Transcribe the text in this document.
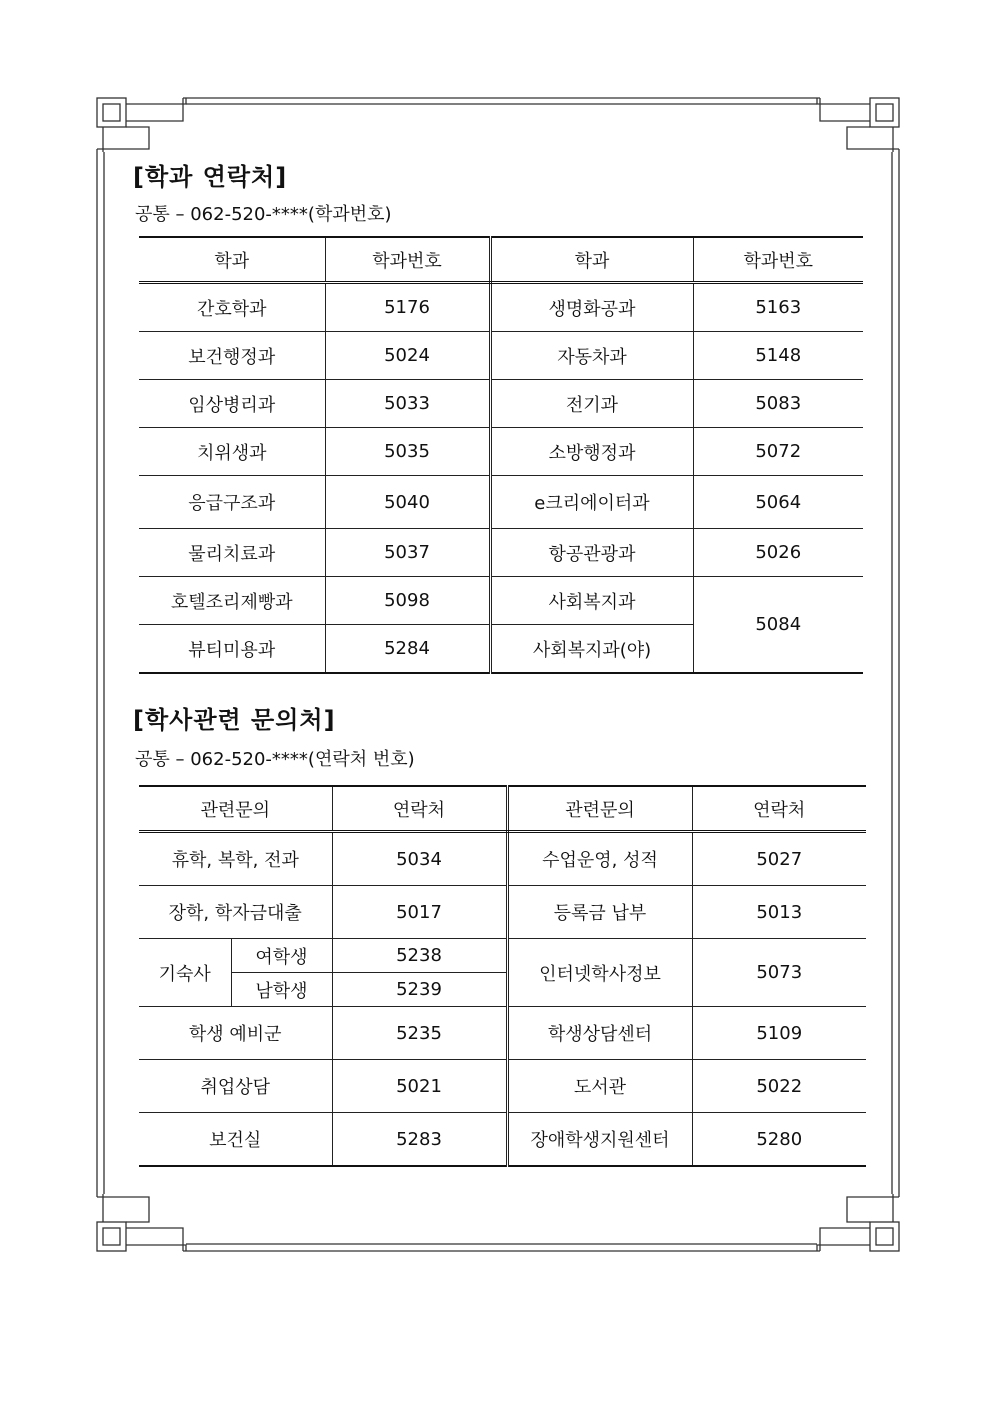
[학과 연락처]

공통 – 062-520-****(학과번호)

학과	학과번호	학과	학과번호
간호학과	5176	생명화공과	5163
보건행정과	5024	자동차과	5148
임상병리과	5033	전기과	5083
치위생과	5035	소방행정과	5072
응급구조과	5040	e크리에이터과	5064
물리치료과	5037	항공관광과	5026
호텔조리제빵과	5098	사회복지과	5084
뷰티미용과	5284	사회복지과(야)	
[학사관련 문의처]

공통 – 062-520-****(연락처 번호)

관련문의		연락처	관련문의	연락처
휴학, 복학, 전과		5034	수업운영, 성적	5027
장학, 학자금대출		5017	등록금 납부	5013
기숙사	여학생	5238	인터넷학사정보	5073
	남학생	5239		
학생 예비군		5235	학생상담센터	5109
취업상담		5021	도서관	5022
보건실		5283	장애학생지원센터	5280
